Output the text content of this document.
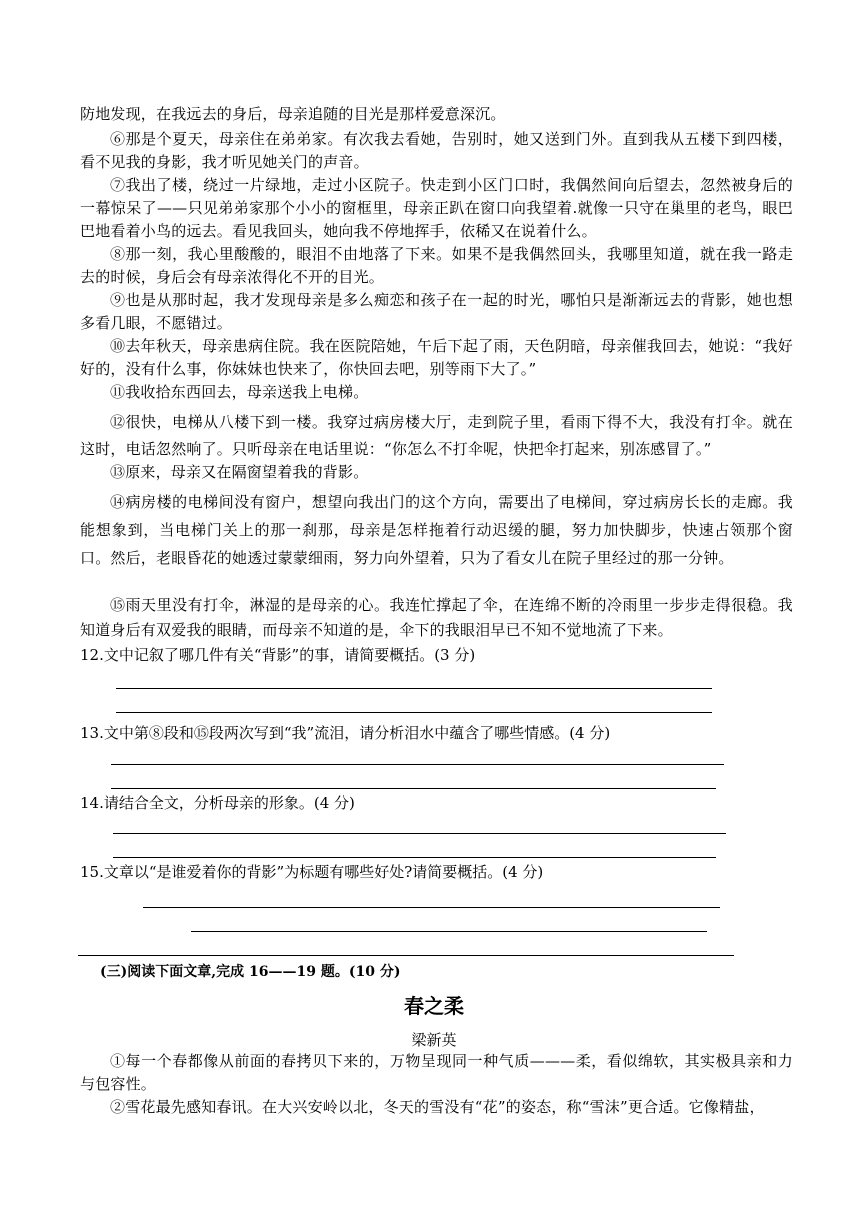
防地发现，在我远去的身后，母亲追随的目光是那样爱意深沉。

⑥那是个夏天，母亲住在弟弟家。有次我去看她，告别时，她又送到门外。直到我从五楼下到四楼，看不见我的身影，我才听见她关门的声音。

⑦我出了楼，绕过一片绿地，走过小区院子。快走到小区门口时，我偶然间向后望去，忽然被身后的一幕惊呆了——只见弟弟家那个小小的窗框里，母亲正趴在窗口向我望着.就像一只守在巢里的老鸟，眼巴巴地看着小鸟的远去。看见我回头，她向我不停地挥手，依稀又在说着什么。

⑧那一刻，我心里酸酸的，眼泪不由地落了下来。如果不是我偶然回头，我哪里知道，就在我一路走去的时候，身后会有母亲浓得化不开的目光。

⑨也是从那时起，我才发现母亲是多么痴恋和孩子在一起的时光，哪怕只是渐渐远去的背影，她也想多看几眼，不愿错过。

⑩去年秋天，母亲患病住院。我在医院陪她，午后下起了雨，天色阴暗，母亲催我回去，她说：“我好好的，没有什么事，你妹妹也快来了，你快回去吧，别等雨下大了。”

⑪我收拾东西回去，母亲送我上电梯。

⑫很快，电梯从八楼下到一楼。我穿过病房楼大厅，走到院子里，看雨下得不大，我没有打伞。就在这时，电话忽然响了。只听母亲在电话里说：“你怎么不打伞呢，快把伞打起来，别冻感冒了。”

⑬原来，母亲又在隔窗望着我的背影。

⑭病房楼的电梯间没有窗户，想望向我出门的这个方向，需要出了电梯间，穿过病房长长的走廊。我能想象到，当电梯门关上的那一刹那，母亲是怎样拖着行动迟缓的腿，努力加快脚步，快速占领那个窗口。然后，老眼昏花的她透过蒙蒙细雨，努力向外望着，只为了看女儿在院子里经过的那一分钟。

⑮雨天里没有打伞，淋湿的是母亲的心。我连忙撑起了伞，在连绵不断的冷雨里一步步走得很稳。我知道身后有双爱我的眼睛，而母亲不知道的是，伞下的我眼泪早已不知不觉地流了下来。

12.文中记叙了哪几件有关“背影”的事，请简要概括。(3 分)

13.文中第⑧段和⑮段两次写到“我”流泪，请分析泪水中蕴含了哪些情感。(4 分)

14.请结合全文，分析母亲的形象。(4 分)

15.文章以“是谁爱着你的背影”为标题有哪些好处?请简要概括。(4 分)

(三)阅读下面文章,完成 16——19 题。(10 分)

春之柔

梁新英

①每一个春都像从前面的春拷贝下来的，万物呈现同一种气质———柔，看似绵软，其实极具亲和力与包容性。

②雪花最先感知春讯。在大兴安岭以北，冬天的雪没有“花”的姿态，称“雪沫”更合适。它像精盐，
